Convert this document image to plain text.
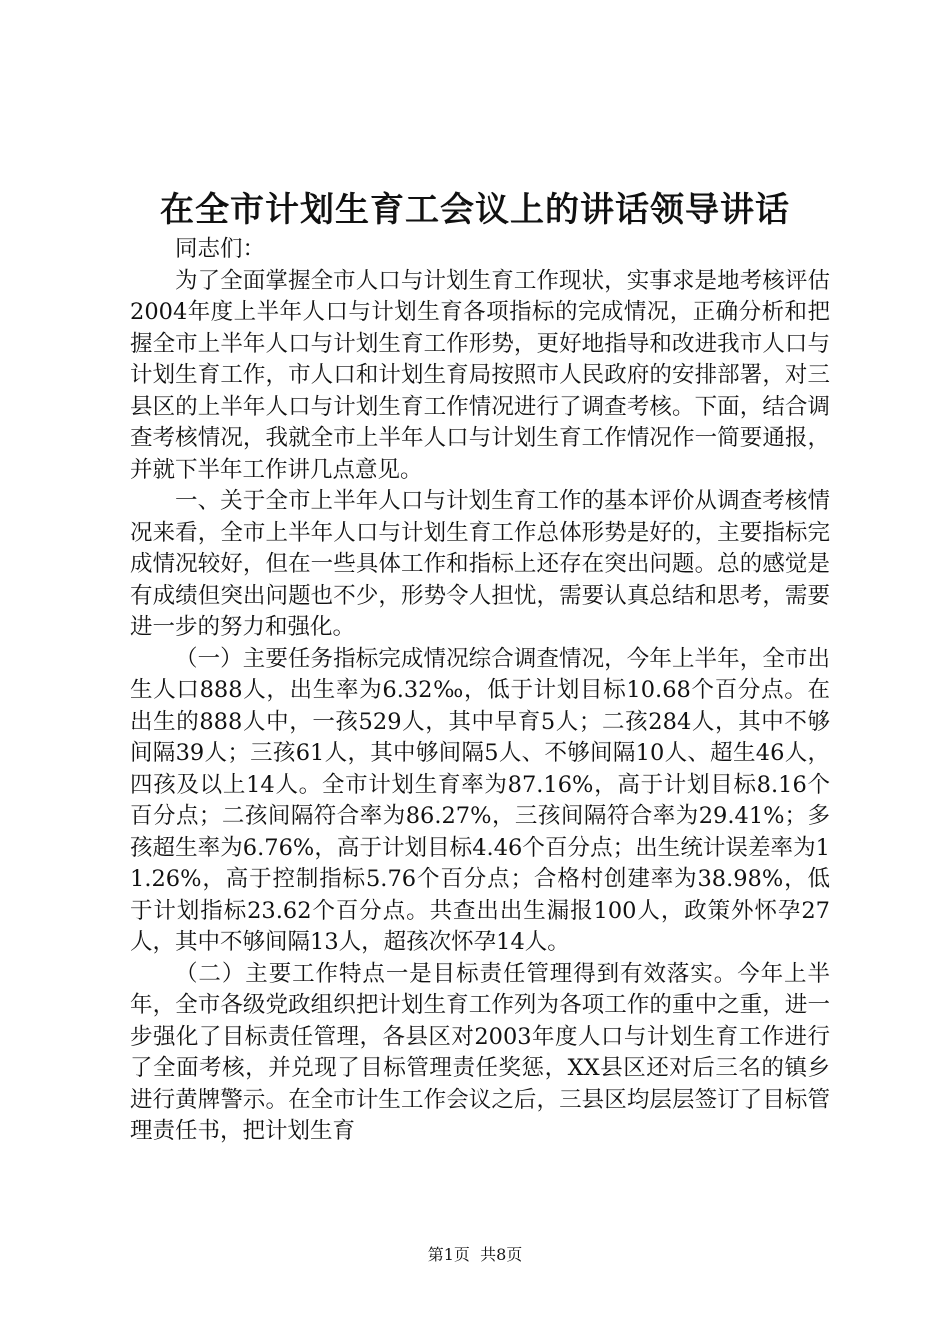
在全市计划生育工会议上的讲话领导讲话

同志们：

为了全面掌握全市人口与计划生育工作现状，实事求是地考核评估2004年度上半年人口与计划生育各项指标的完成情况，正确分析和把握全市上半年人口与计划生育工作形势，更好地指导和改进我市人口与计划生育工作，市人口和计划生育局按照市人民政府的安排部署，对三县区的上半年人口与计划生育工作情况进行了调查考核。下面，结合调查考核情况，我就全市上半年人口与计划生育工作情况作一简要通报，并就下半年工作讲几点意见。

一、关于全市上半年人口与计划生育工作的基本评价从调查考核情况来看，全市上半年人口与计划生育工作总体形势是好的，主要指标完成情况较好，但在一些具体工作和指标上还存在突出问题。总的感觉是有成绩但突出问题也不少，形势令人担忧，需要认真总结和思考，需要进一步的努力和强化。

（一）主要任务指标完成情况综合调查情况，今年上半年，全市出生人口888人，出生率为6.32‰，低于计划目标10.68个百分点。在出生的888人中，一孩529人，其中早育5人；二孩284人，其中不够间隔39人；三孩61人，其中够间隔5人、不够间隔10人、超生46人，四孩及以上14人。全市计划生育率为87.16%，高于计划目标8.16个百分点；二孩间隔符合率为86.27%，三孩间隔符合率为29.41%；多孩超生率为6.76%，高于计划目标4.46个百分点；出生统计误差率为11.26%，高于控制指标5.76个百分点；合格村创建率为38.98%，低于计划指标23.62个百分点。共查出出生漏报100人，政策外怀孕27人，其中不够间隔13人，超孩次怀孕14人。

（二）主要工作特点一是目标责任管理得到有效落实。今年上半年，全市各级党政组织把计划生育工作列为各项工作的重中之重，进一步强化了目标责任管理，各县区对2003年度人口与计划生育工作进行了全面考核，并兑现了目标管理责任奖惩，XX县区还对后三名的镇乡进行黄牌警示。在全市计生工作会议之后，三县区均层层签订了目标管理责任书，把计划生育

第1页  共8页
